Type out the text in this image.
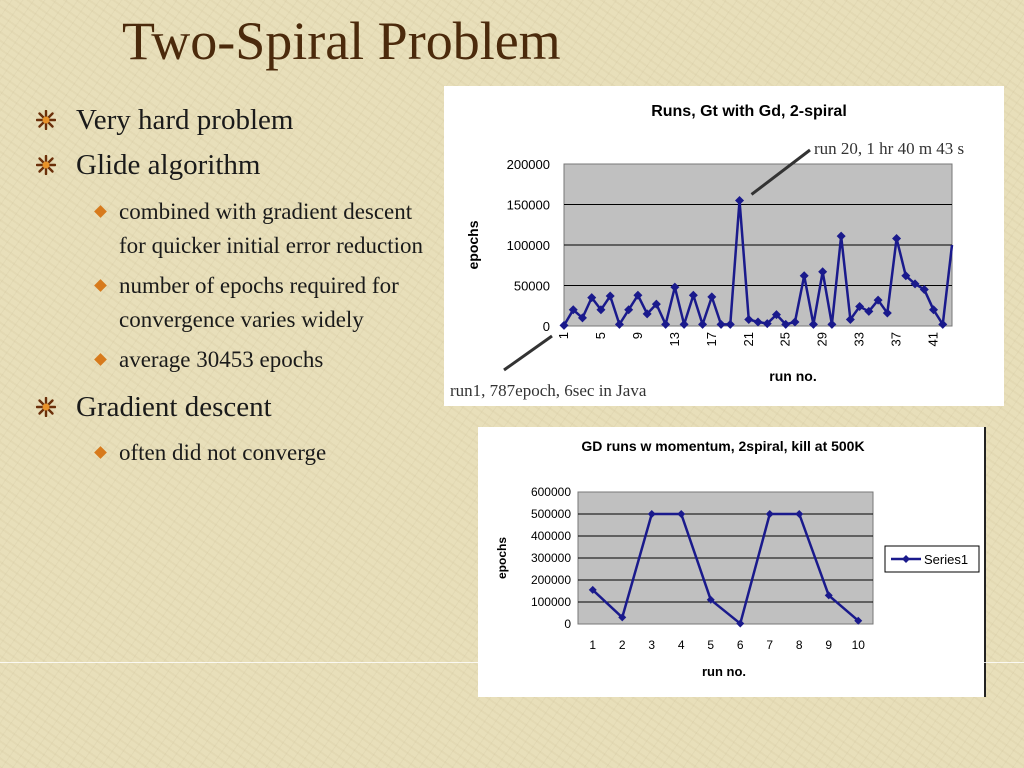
Two-Spiral Problem
Very hard problem
Glide algorithm
combined with gradient descent for quicker initial error reduction
number of epochs required for convergence varies widely
average 30453 epochs
Gradient descent
often did not converge
Runs, Gt with Gd, 2-spiral
0
50000
100000
150000
200000
1 5 9 13 17 21 25 29 33 37 41
epochs
run no.
run 20, 1 hr 40 m 43 s
run1, 787epoch, 6sec in Java
GD runs w momentum, 2spiral, kill at 500K
0
100000
200000
300000
400000
500000
600000
1 2 3 4 5 6 7 8 9 10
epochs
run no.
Series1
